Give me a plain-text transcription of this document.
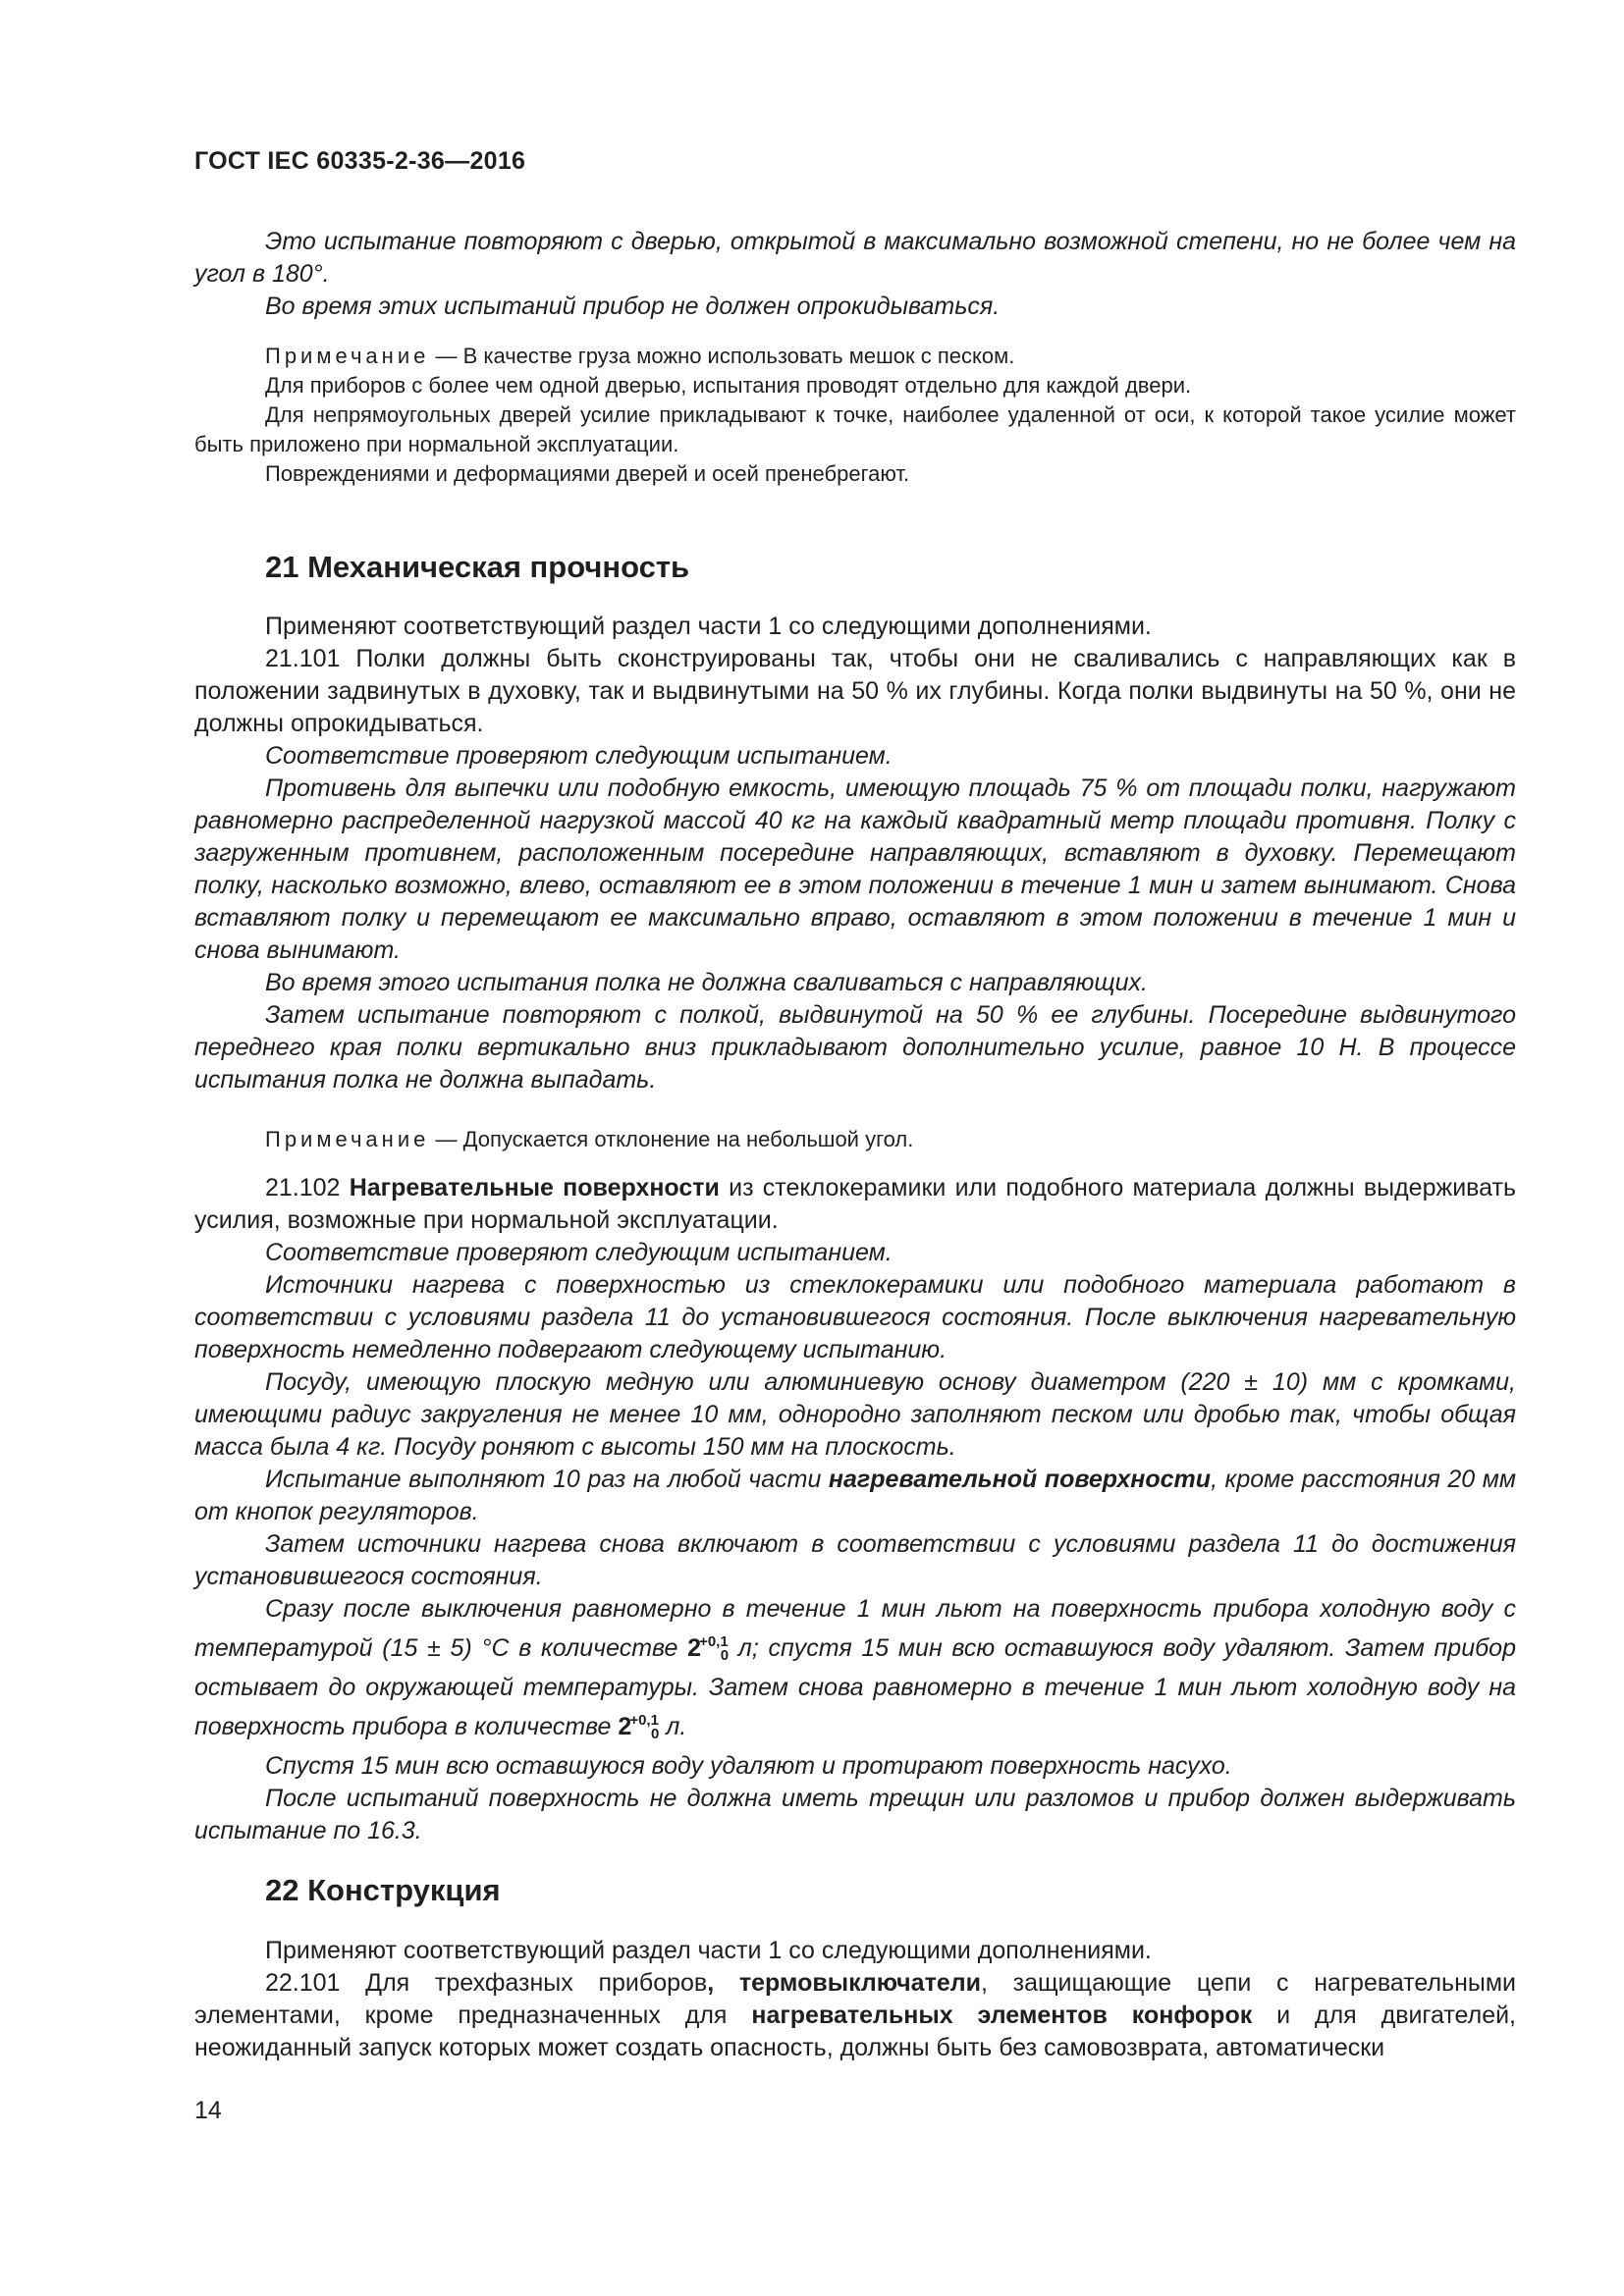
ГОСТ IEC 60335-2-36—2016

Это испытание повторяют с дверью, открытой в максимально возможной степени, но не более чем на угол в 180°.

Во время этих испытаний прибор не должен опрокидываться.

Примечание — В качестве груза можно использовать мешок с песком.

Для приборов с более чем одной дверью, испытания проводят отдельно для каждой двери.

Для непрямоугольных дверей усилие прикладывают к точке, наиболее удаленной от оси, к которой такое усилие может быть приложено при нормальной эксплуатации.

Повреждениями и деформациями дверей и осей пренебрегают.

21 Механическая прочность

Применяют соответствующий раздел части 1 со следующими дополнениями.

21.101 Полки должны быть сконструированы так, чтобы они не сваливались с направляющих как в положении задвинутых в духовку, так и выдвинутыми на 50 % их глубины. Когда полки выдвинуты на 50 %, они не должны опрокидываться.

Соответствие проверяют следующим испытанием.

Противень для выпечки или подобную емкость, имеющую площадь 75 % от площади полки, нагружают равномерно распределенной нагрузкой массой 40 кг на каждый квадратный метр площади противня. Полку с загруженным противнем, расположенным посередине направляющих, вставляют в духовку. Перемещают полку, насколько возможно, влево, оставляют ее в этом положении в течение 1 мин и затем вынимают. Снова вставляют полку и перемещают ее максимально вправо, оставляют в этом положении в течение 1 мин и снова вынимают.

Во время этого испытания полка не должна сваливаться с направляющих.

Затем испытание повторяют с полкой, выдвинутой на 50 % ее глубины. Посередине выдвинутого переднего края полки вертикально вниз прикладывают дополнительно усилие, равное 10 Н. В процессе испытания полка не должна выпадать.

Примечание — Допускается отклонение на небольшой угол.

21.102 Нагревательные поверхности из стеклокерамики или подобного материала должны выдерживать усилия, возможные при нормальной эксплуатации.

Соответствие проверяют следующим испытанием.

Источники нагрева с поверхностью из стеклокерамики или подобного материала работают в соответствии с условиями раздела 11 до установившегося состояния. После выключения нагревательную поверхность немедленно подвергают следующему испытанию.

Посуду, имеющую плоскую медную или алюминиевую основу диаметром (220 ± 10) мм с кромками, имеющими радиус закругления не менее 10 мм, однородно заполняют песком или дробью так, чтобы общая масса была 4 кг. Посуду роняют с высоты 150 мм на плоскость.

Испытание выполняют 10 раз на любой части нагревательной поверхности, кроме расстояния 20 мм от кнопок регуляторов.

Затем источники нагрева снова включают в соответствии с условиями раздела 11 до достижения установившегося состояния.

Сразу после выключения равномерно в течение 1 мин льют на поверхность прибора холодную воду с температурой (15 ± 5) °С в количестве $2^{+0,1}_0$ л; спустя 15 мин всю оставшуюся воду удаляют. Затем прибор остывает до окружающей температуры. Затем снова равномерно в течение 1 мин льют холодную воду на поверхность прибора в количестве $2^{+0,1}_0$ л.

Спустя 15 мин всю оставшуюся воду удаляют и протирают поверхность насухо.

После испытаний поверхность не должна иметь трещин или разломов и прибор должен выдерживать испытание по 16.3.

22 Конструкция

Применяют соответствующий раздел части 1 со следующими дополнениями.

22.101 Для трехфазных приборов, термовыключатели, защищающие цепи с нагревательными элементами, кроме предназначенных для нагревательных элементов конфорок и для двигателей, неожиданный запуск которых может создать опасность, должны быть без самовозврата, автоматически

14
